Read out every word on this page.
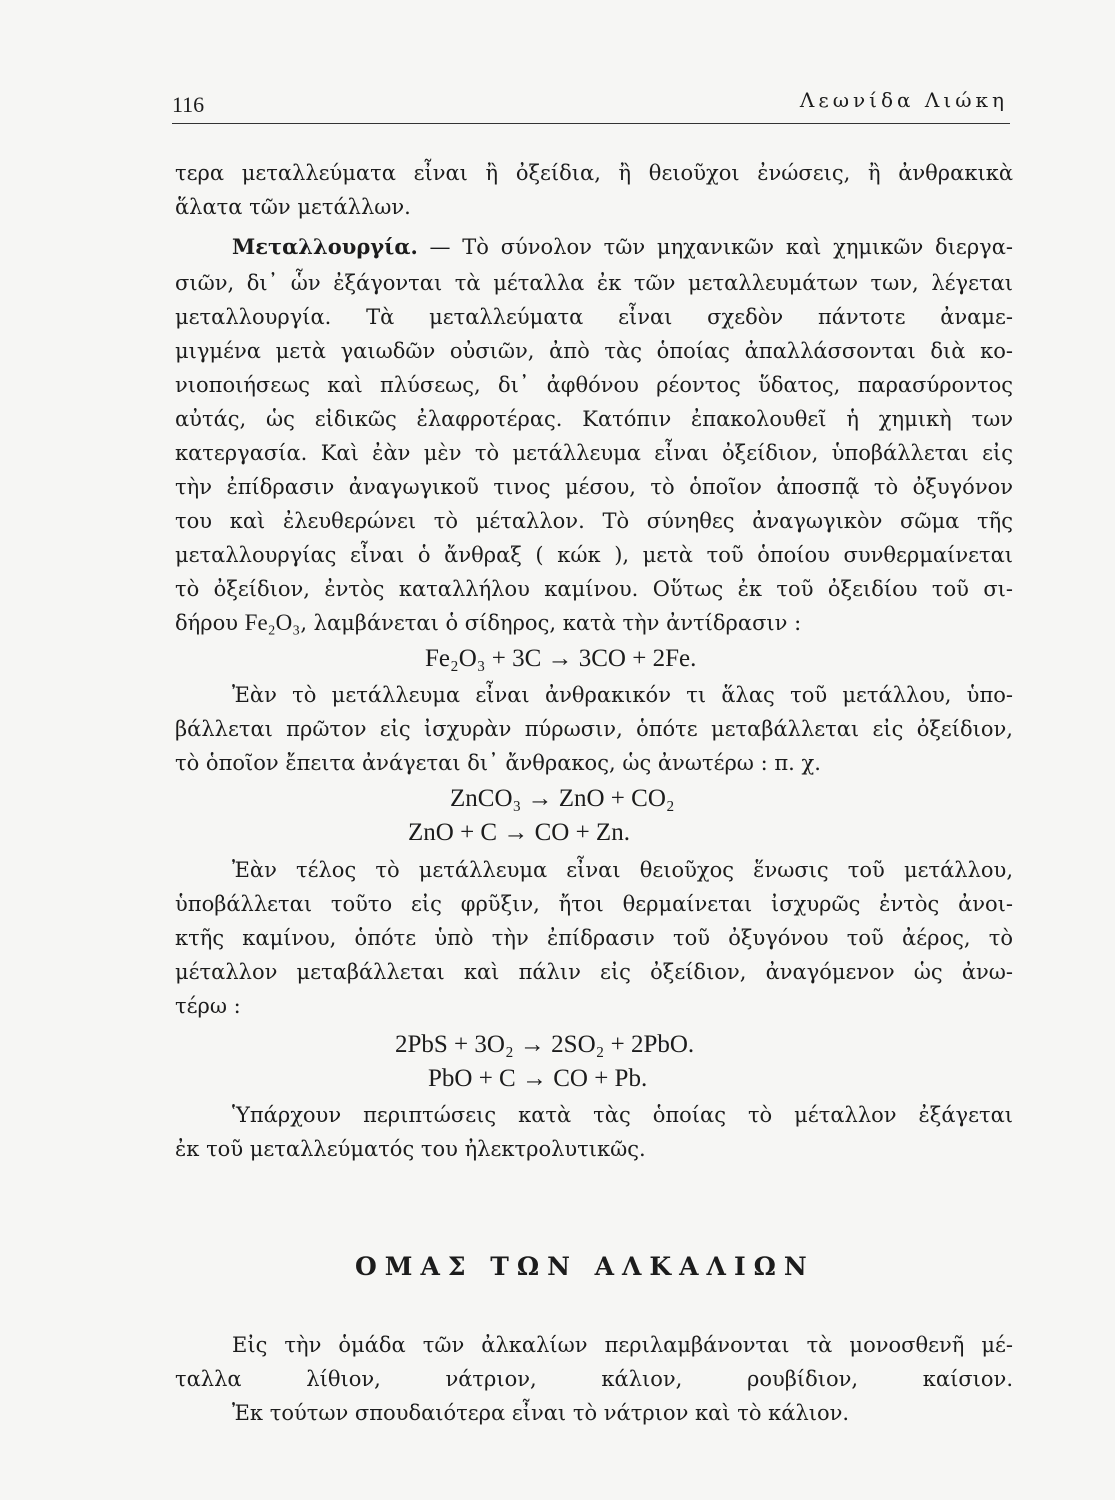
116	Λεωνίδα Λιώκη
τερα μεταλλεύματα εἶναι ἢ ὀξείδια, ἢ θειοῦχοι ἐνώσεις, ἢ ἀνθρακικὰ
ἅλατα τῶν μετάλλων.
Μεταλλουργία. — Τὸ σύνολον τῶν μηχανικῶν καὶ χημικῶν διεργα-
σιῶν, δι᾽ ὧν ἐξάγονται τὰ μέταλλα ἐκ τῶν μεταλλευμάτων των, λέγεται
μεταλλουργία. Τὰ μεταλλεύματα εἶναι σχεδὸν πάντοτε ἀναμε-
μιγμένα μετὰ γαιωδῶν οὐσιῶν, ἀπὸ τὰς ὁποίας ἀπαλλάσσονται διὰ κο-
νιοποιήσεως καὶ πλύσεως, δι᾽ ἀφθόνου ρέοντος ὕδατος, παρασύροντος
αὐτάς, ὡς εἰδικῶς ἐλαφροτέρας. Κατόπιν ἐπακολουθεῖ ἡ χημικὴ των
κατεργασία. Καὶ ἐὰν μὲν τὸ μετάλλευμα εἶναι ὀξείδιον, ὑποβάλλεται εἰς
τὴν ἐπίδρασιν ἀναγωγικοῦ τινος μέσου, τὸ ὁποῖον ἀποσπᾷ τὸ ὀξυγόνον
του καὶ ἐλευθερώνει τὸ μέταλλον. Τὸ σύνηθες ἀναγωγικὸν σῶμα τῆς
μεταλλουργίας εἶναι ὁ ἄνθραξ ( κώκ ), μετὰ τοῦ ὁποίου συνθερμαίνεται
τὸ ὀξείδιον, ἐντὸς καταλλήλου καμίνου. Οὕτως ἐκ τοῦ ὀξειδίου τοῦ σι-
δήρου Fe₂O₃, λαμβάνεται ὁ σίδηρος, κατὰ τὴν ἀντίδρασιν :
Fe₂O₃ + 3C → 3CO + 2Fe.
Ἐὰν τὸ μετάλλευμα εἶναι ἀνθρακικόν τι ἅλας τοῦ μετάλλου, ὑπο-
βάλλεται πρῶτον εἰς ἰσχυρὰν πύρωσιν, ὁπότε μεταβάλλεται εἰς ὀξείδιον,
τὸ ὁποῖον ἔπειτα ἀνάγεται δι᾽ ἄνθρακος, ὡς ἀνωτέρω : π. χ.
ZnCO₃ → ZnO + CO₂
ZnO + C → CO + Zn.
Ἐὰν τέλος τὸ μετάλλευμα εἶναι θειοῦχος ἕνωσις τοῦ μετάλλου,
ὑποβάλλεται τοῦτο εἰς φρῦξιν, ἤτοι θερμαίνεται ἰσχυρῶς ἐντὸς ἀνοι-
κτῆς καμίνου, ὁπότε ὑπὸ τὴν ἐπίδρασιν τοῦ ὀξυγόνου τοῦ ἀέρος, τὸ
μέταλλον μεταβάλλεται καὶ πάλιν εἰς ὀξείδιον, ἀναγόμενον ὡς ἀνω-
τέρω :
2PbS + 3O₂ → 2SO₂ + 2PbO.
PbO + C → CO + Pb.
Ὑπάρχουν περιπτώσεις κατὰ τὰς ὁποίας τὸ μέταλλον ἐξάγεται
ἐκ τοῦ μεταλλεύματός του ἠλεκτρολυτικῶς.
ΟΜΑΣ ΤΩΝ ΑΛΚΑΛΙΩΝ
Εἰς τὴν ὁμάδα τῶν ἀλκαλίων περιλαμβάνονται τὰ μονοσθενῆ μέ-
ταλλα λίθιον, νάτριον, κάλιον, ρουβίδιον, καίσιον.
Ἐκ τούτων σπουδαιότερα εἶναι τὸ νάτριον καὶ τὸ κάλιον.
